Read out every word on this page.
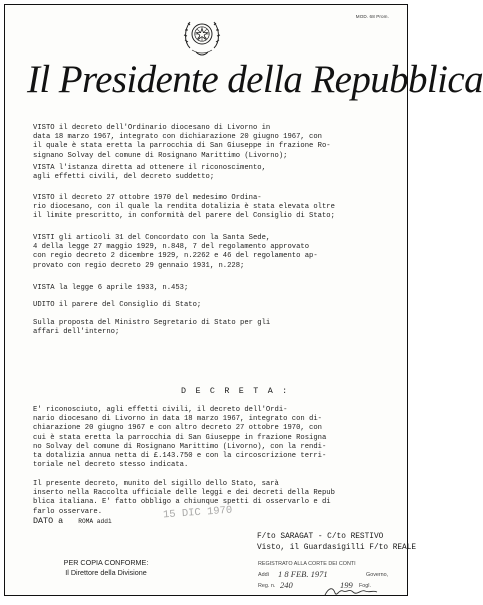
MOD. 68 Prom.
Il Presidente della Repubblica
VISTO il decreto dell'Ordinario diocesano di Livorno in
data 18 marzo 1967, integrato con dichiarazione 20 giugno 1967, con
il quale è stata eretta la parrocchia di San Giuseppe in frazione Ro-
signano Solvay del comune di Rosignano Marittimo (Livorno);
VISTA l'istanza diretta ad ottenere il riconoscimento,
agli effetti civili, del decreto suddetto;
VISTO il decreto 27 ottobre 1970 del medesimo Ordina-
rio diocesano, con il quale la rendita dotalizia è stata elevata oltre
il limite prescritto, in conformità del parere del Consiglio di Stato;
VISTI gli articoli 31 del Concordato con la Santa Sede,
4 della legge 27 maggio 1929, n.848, 7 del regolamento approvato
con regio decreto 2 dicembre 1929, n.2262 e 46 del regolamento ap-
provato con regio decreto 29 gennaio 1931, n.228;
VISTA la legge 6 aprile 1933, n.453;
UDITO il parere del Consiglio di Stato;
Sulla proposta del Ministro Segretario di Stato per gli
affari dell'interno;
D E C R E T A :
E' riconosciuto, agli effetti civili, il decreto dell'Ordi-
nario diocesano di Livorno in data 18 marzo 1967, integrato con di-
chiarazione 20 giugno 1967 e con altro decreto 27 ottobre 1970, con
cui è stata eretta la parrocchia di San Giuseppe in frazione Rosigna
no Solvay del comune di Rosignano Marittimo (Livorno), con la rendi-
ta dotalizia annua netta di £.143.750 e con la circoscrizione terri-
toriale nel decreto stesso indicata.
Il presente decreto, munito del sigillo dello Stato, sarà
inserto nella Raccolta ufficiale delle leggi e dei decreti della Repub
blica italiana. E' fatto obbligo a chiunque spetti di osservarlo e di
farlo osservare.	15 DIC 1970
DATO a ROMA addì
F/to SARAGAT - C/to RESTIVO
Visto, il Guardasigilli F/to REALE
PER COPIA CONFORME:
Il Direttore della Divisione
REGISTRATO ALLA CORTE DEI CONTI
Addì 1 8 FEB. 1971	Governo,
Reg. n. 240	199 Fogl.
